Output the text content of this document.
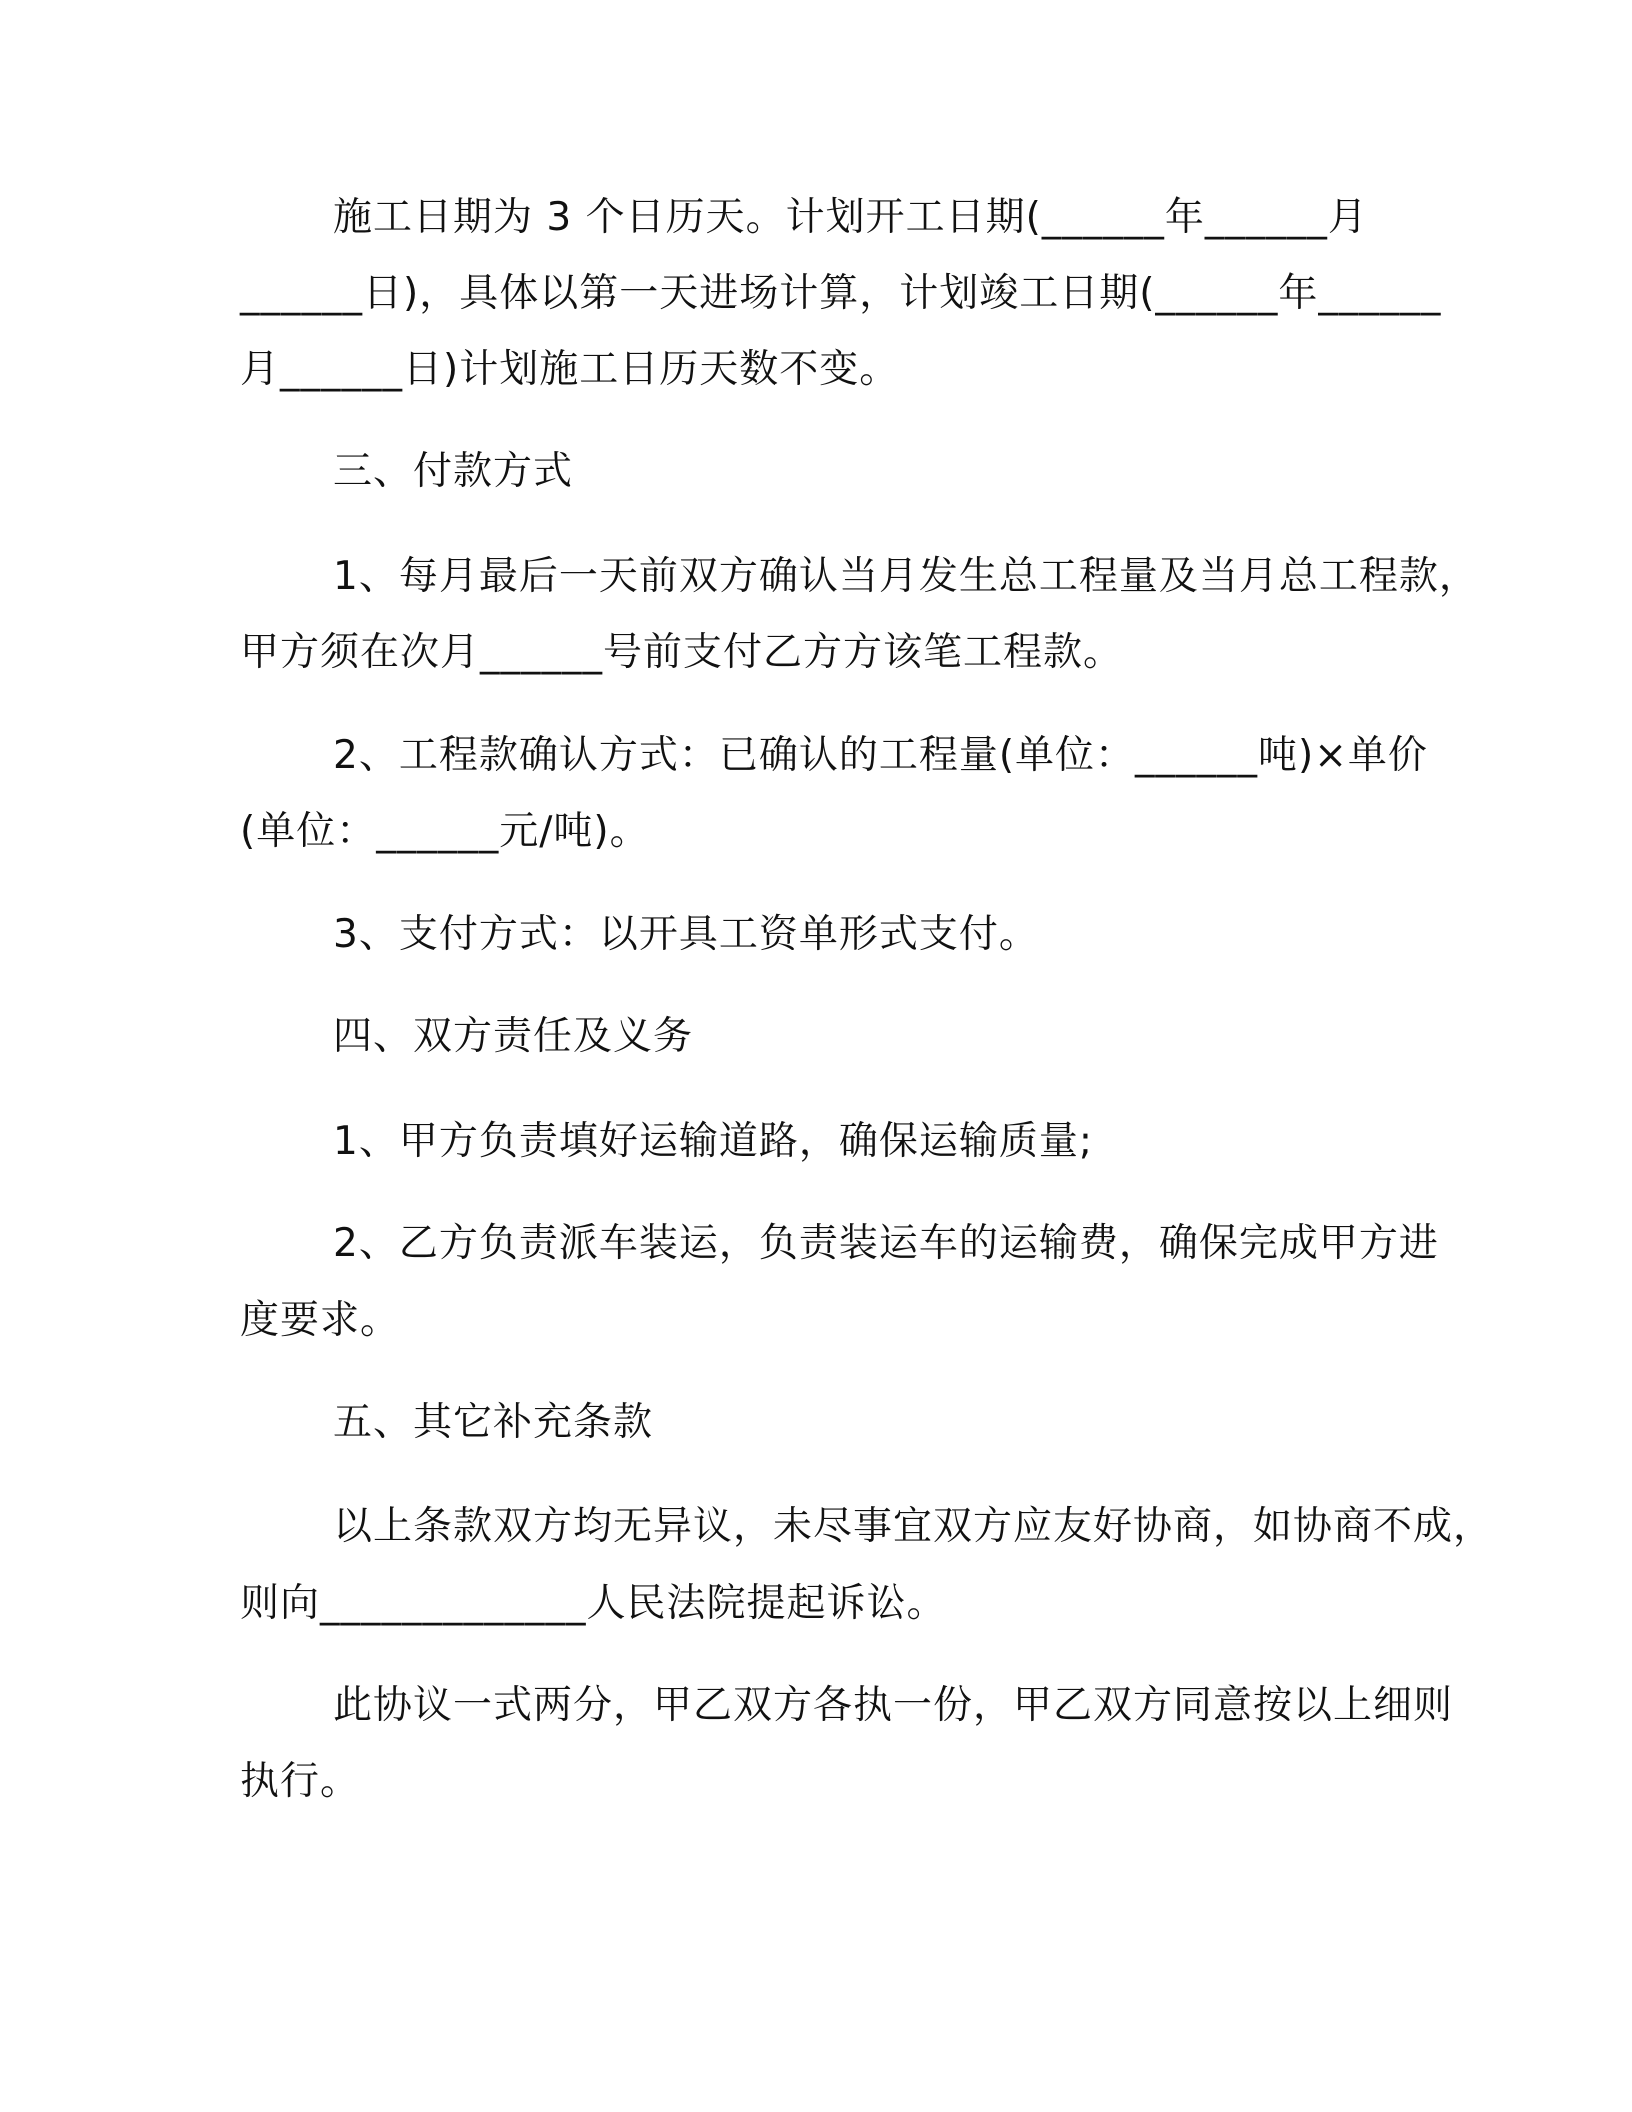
施工日期为 3 个日历天。计划开工日期(______年______月
______日)，具体以第一天进场计算，计划竣工日期(______年______
月______日)计划施工日历天数不变。
三、付款方式
1、每月最后一天前双方确认当月发生总工程量及当月总工程款，
甲方须在次月______号前支付乙方方该笔工程款。
2、工程款确认方式：已确认的工程量(单位：______吨)×单价
(单位：______元/吨)。
3、支付方式：以开具工资单形式支付。
四、双方责任及义务
1、甲方负责填好运输道路，确保运输质量;
2、乙方负责派车装运，负责装运车的运输费，确保完成甲方进
度要求。
五、其它补充条款
以上条款双方均无异议，未尽事宜双方应友好协商，如协商不成，
则向_____________人民法院提起诉讼。
此协议一式两分，甲乙双方各执一份，甲乙双方同意按以上细则
执行。
